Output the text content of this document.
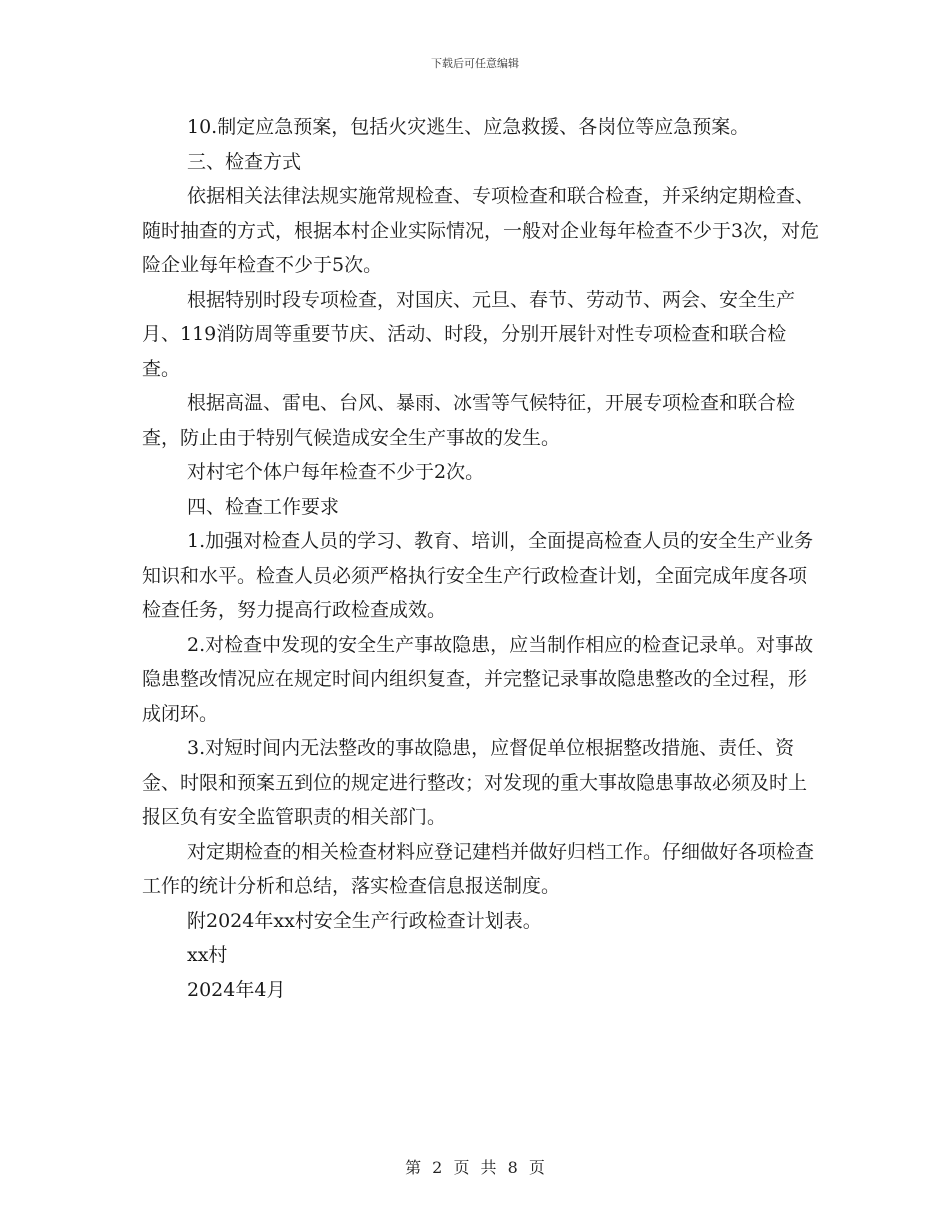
下载后可任意编辑

10.制定应急预案，包括火灾逃生、应急救援、各岗位等应急预案。

三、检查方式

依据相关法律法规实施常规检查、专项检查和联合检查，并采纳定期检查、随时抽查的方式，根据本村企业实际情况，一般对企业每年检查不少于3次，对危险企业每年检查不少于5次。

根据特别时段专项检查，对国庆、元旦、春节、劳动节、两会、安全生产月、119消防周等重要节庆、活动、时段，分别开展针对性专项检查和联合检查。

根据高温、雷电、台风、暴雨、冰雪等气候特征，开展专项检查和联合检查，防止由于特别气候造成安全生产事故的发生。

对村宅个体户每年检查不少于2次。

四、检查工作要求

1.加强对检查人员的学习、教育、培训，全面提高检查人员的安全生产业务知识和水平。检查人员必须严格执行安全生产行政检查计划，全面完成年度各项检查任务，努力提高行政检查成效。

2.对检查中发现的安全生产事故隐患，应当制作相应的检查记录单。对事故隐患整改情况应在规定时间内组织复查，并完整记录事故隐患整改的全过程，形成闭环。

3.对短时间内无法整改的事故隐患，应督促单位根据整改措施、责任、资金、时限和预案五到位的规定进行整改；对发现的重大事故隐患事故必须及时上报区负有安全监管职责的相关部门。

对定期检查的相关检查材料应登记建档并做好归档工作。仔细做好各项检查工作的统计分析和总结，落实检查信息报送制度。

附2024年xx村安全生产行政检查计划表。

xx村

2024年4月

第 2 页 共 8 页
